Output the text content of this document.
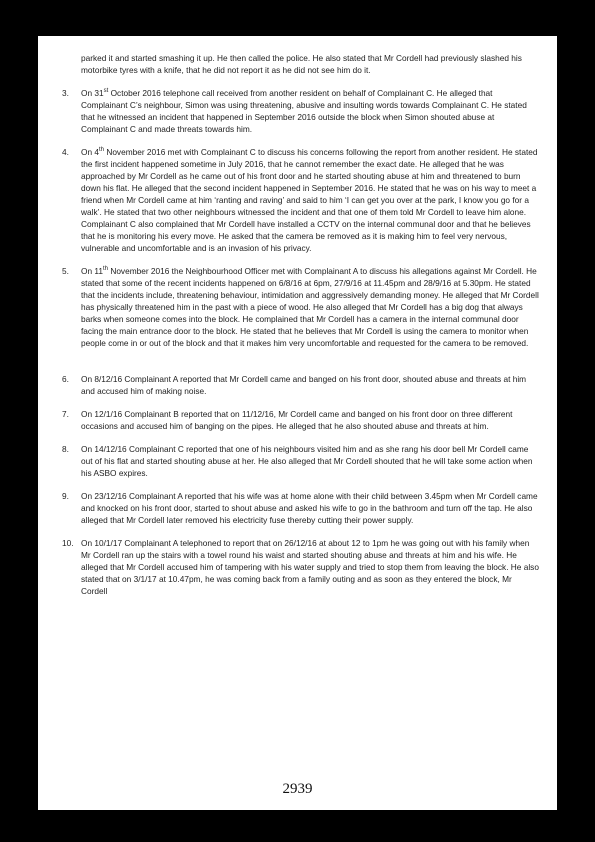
parked it and started smashing it up. He then called the police. He also stated that Mr Cordell had previously slashed his motorbike tyres with a knife, that he did not report it as he did not see him do it.

3.	On 31st October 2016 telephone call received from another resident on behalf of Complainant C. He alleged that Complainant C’s neighbour, Simon was using threatening, abusive and insulting words towards Complainant C. He stated that he witnessed an incident that happened in September 2016 outside the block when Simon shouted abuse at Complainant C and made threats towards him.
4.	On 4th November 2016 met with Complainant C to discuss his concerns following the report from another resident. He stated the first incident happened sometime in July 2016, that he cannot remember the exact date. He alleged that he was approached by Mr Cordell as he came out of his front door and he started shouting abuse at him and threatened to burn down his flat. He alleged that the second incident happened in September 2016. He stated that he was on his way to meet a friend when Mr Cordell came at him ‘ranting and raving’ and said to him ‘I can get you over at the park, I know you go for a walk’. He stated that two other neighbours witnessed the incident and that one of them told Mr Cordell to leave him alone. Complainant C also complained that Mr Cordell have installed a CCTV on the internal communal door and that he believes that he is monitoring his every move. He asked that the camera be removed as it is making him to feel very nervous, vulnerable and uncomfortable and is an invasion of his privacy.
5.	On 11th November 2016 the Neighbourhood Officer met with Complainant A to discuss his allegations against Mr Cordell. He stated that some of the recent incidents happened on 6/8/16 at 6pm, 27/9/16 at 11.45pm and 28/9/16 at 5.30pm. He stated that the incidents include, threatening behaviour, intimidation and aggressively demanding money. He alleged that Mr Cordell has physically threatened him in the past with a piece of wood. He also alleged that Mr Cordell has a big dog that always barks when someone comes into the block. He complained that Mr Cordell has a camera in the internal communal door facing the main entrance door to the block. He stated that he believes that Mr Cordell is using the camera to monitor when people come in or out of the block and that it makes him very uncomfortable and requested for the camera to be removed.
6.	On 8/12/16 Complainant A reported that Mr Cordell came and banged on his front door, shouted abuse and threats at him and accused him of making noise.
7.	On 12/1/16 Complainant B reported that on 11/12/16, Mr Cordell came and banged on his front door on three different occasions and accused him of banging on the pipes. He alleged that he also shouted abuse and threats at him.
8.	On 14/12/16 Complainant C reported that one of his neighbours visited him and as she rang his door bell Mr Cordell came out of his flat and started shouting abuse at her. He also alleged that Mr Cordell shouted that he will take some action when his ASBO expires.
9.	On 23/12/16 Complainant A reported that his wife was at home alone with their child between 3.45pm when Mr Cordell came and knocked on his front door, started to shout abuse and asked his wife to go in the bathroom and turn off the tap. He also alleged that Mr Cordell later removed his electricity fuse thereby cutting their power supply.
10. On 10/1/17 Complainant A telephoned to report that on 26/12/16 at about 12 to 1pm he was going out with his family when Mr Cordell ran up the stairs with a towel round his waist and started shouting abuse and threats at him and his wife. He alleged that Mr Cordell accused him of tampering with his water supply and tried to stop them from leaving the block. He also stated that on 3/1/17 at 10.47pm, he was coming back from a family outing and as soon as they entered the block, Mr Cordell
2939
